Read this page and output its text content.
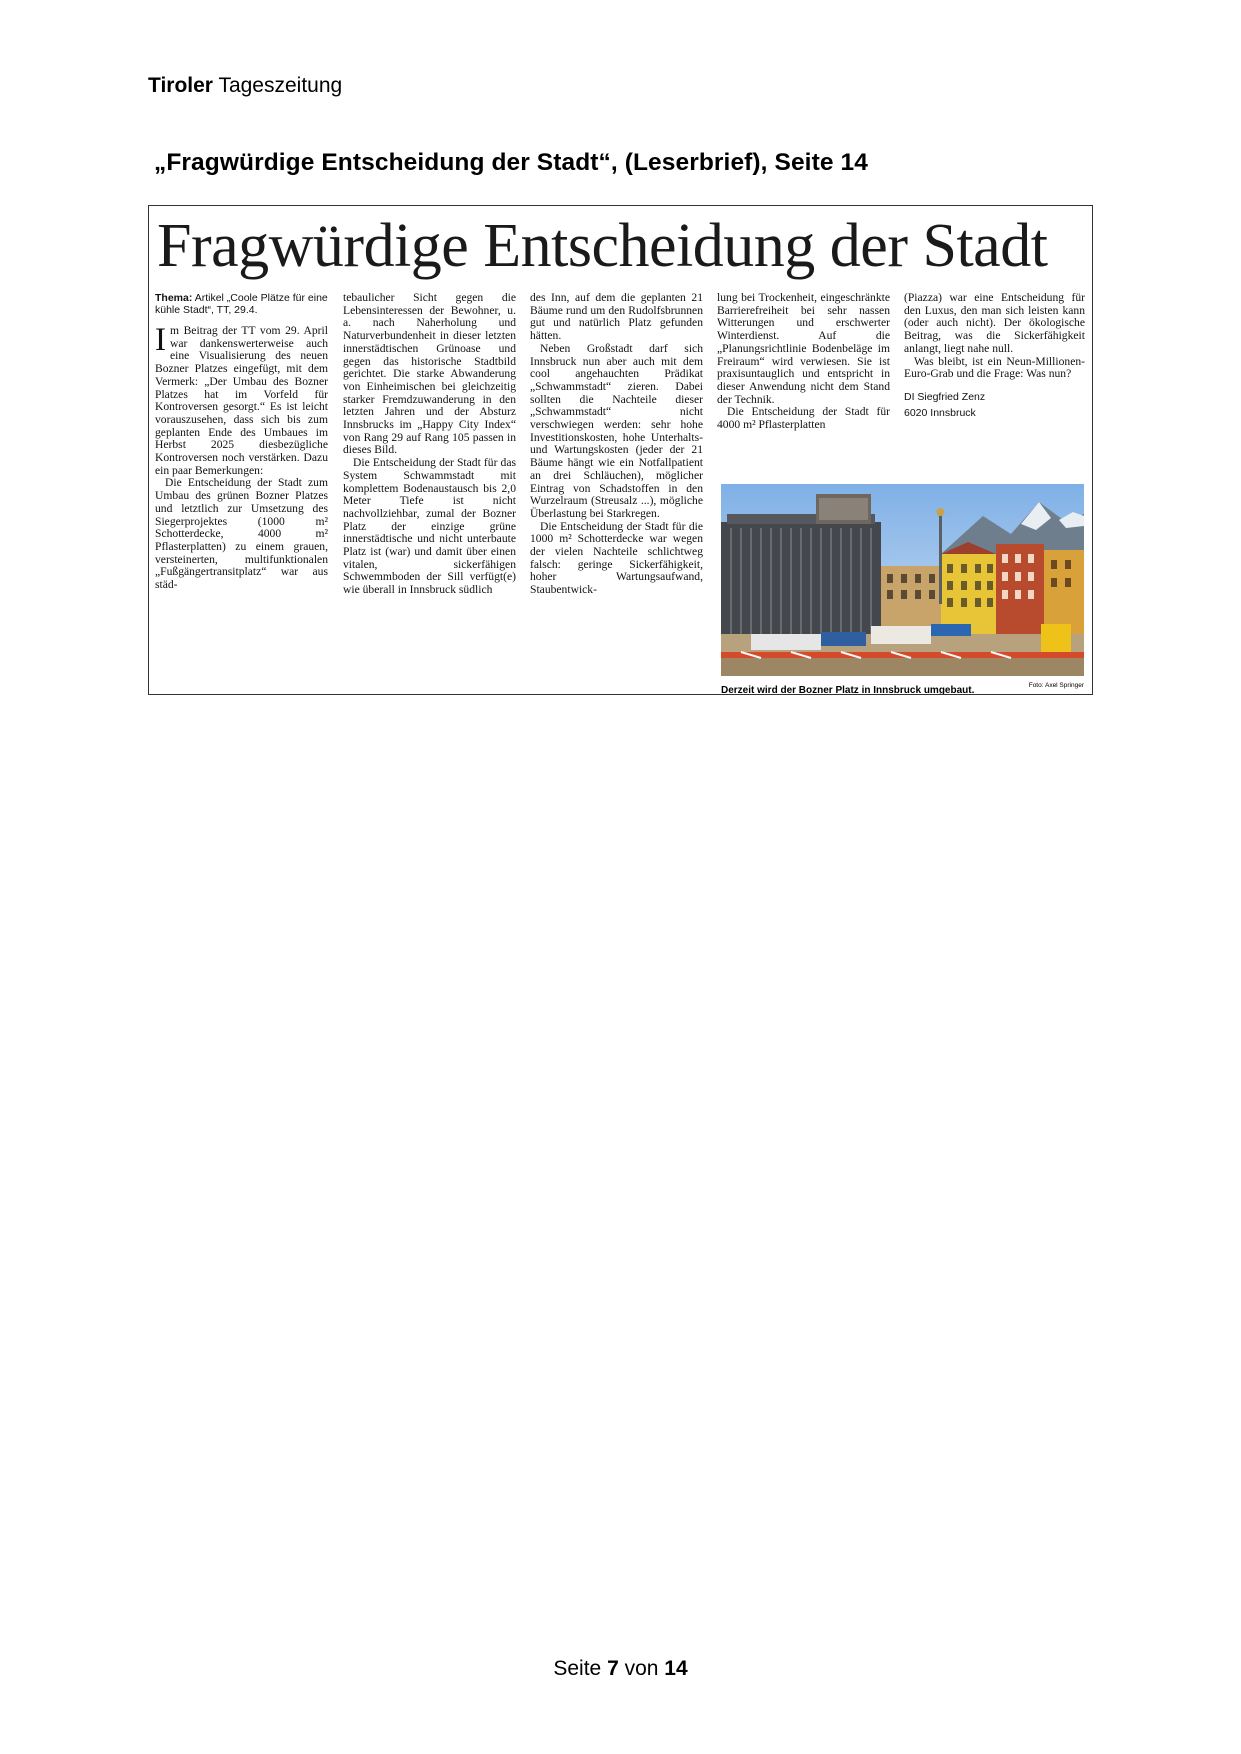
Tiroler Tageszeitung
„Fragwürdige Entscheidung der Stadt“, (Leserbrief), Seite 14
Fragwürdige Entscheidung der Stadt
Thema: Artikel „Coole Plätze für eine kühle Stadt“, TT, 29.4.

Im Beitrag der TT vom 29. April war dankenswerterweise auch eine Visualisierung des neuen Bozner Platzes eingefügt, mit dem Vermerk: „Der Umbau des Bozner Platzes hat im Vorfeld für Kontroversen gesorgt.“ Es ist leicht vorauszusehen, dass sich bis zum geplanten Ende des Umbaues im Herbst 2025 diesbezügliche Kontroversen noch verstärken. Dazu ein paar Bemerkungen:

Die Entscheidung der Stadt zum Umbau des grünen Bozner Platzes und letztlich zur Umsetzung des Siegerprojektes (1000 m² Schotterdecke, 4000 m² Pflasterplatten) zu einem grauen, versteinerten, multifunktionalen „Fußgängertransitplatz“ war aus städ-

tebaulicher Sicht gegen die Lebensinteressen der Bewohner, u. a. nach Naherholung und Naturverbundenheit in dieser letzten innerstädtischen Grünoase und gegen das historische Stadtbild gerichtet. Die starke Abwanderung von Einheimischen bei gleichzeitig starker Fremdzuwanderung in den letzten Jahren und der Absturz Innsbrucks im „Happy City Index“ von Rang 29 auf Rang 105 passen in dieses Bild.

Die Entscheidung der Stadt für das System Schwammstadt mit komplettem Bodenaustausch bis 2,0 Meter Tiefe ist nicht nachvollziehbar, zumal der Bozner Platz der einzige grüne innerstädtische und nicht unterbaute Platz ist (war) und damit über einen vitalen, sickerfähigen Schwemmboden der Sill verfügt(e) wie überall in Innsbruck südlich

des Inn, auf dem die geplanten 21 Bäume rund um den Rudolfsbrunnen gut und natürlich Platz gefunden hätten.

Neben Großstadt darf sich Innsbruck nun aber auch mit dem cool angehauchten Prädikat „Schwammstadt“ zieren. Dabei sollten die Nachteile dieser „Schwammstadt“ nicht verschwiegen werden: sehr hohe Investitionskosten, hohe Unterhalts- und Wartungskosten (jeder der 21 Bäume hängt wie ein Notfallpatient an drei Schläuchen), möglicher Eintrag von Schadstoffen in den Wurzelraum (Streusalz ...), mögliche Überlastung bei Starkregen.

Die Entscheidung der Stadt für die 1000 m² Schotterdecke war wegen der vielen Nachteile schlichtweg falsch: geringe Sickerfähigkeit, hoher Wartungsaufwand, Staubentwick-

lung bei Trockenheit, eingeschränkte Barrierefreiheit bei sehr nassen Witterungen und erschwerter Winterdienst. Auf die „Planungsrichtlinie Bodenbeläge im Freiraum“ wird verwiesen. Sie ist praxisuntauglich und entspricht in dieser Anwendung nicht dem Stand der Technik.

Die Entscheidung der Stadt für 4000 m² Pflasterplatten

(Piazza) war eine Entscheidung für den Luxus, den man sich leisten kann (oder auch nicht). Der ökologische Beitrag, was die Sickerfähigkeit anlangt, liegt nahe null.

Was bleibt, ist ein Neun-Millionen-Euro-Grab und die Frage: Was nun?

DI Siegfried Zenz
6020 Innsbruck
Derzeit wird der Bozner Platz in Innsbruck umgebaut.	Foto: Axel Springer
Seite 7 von 14
